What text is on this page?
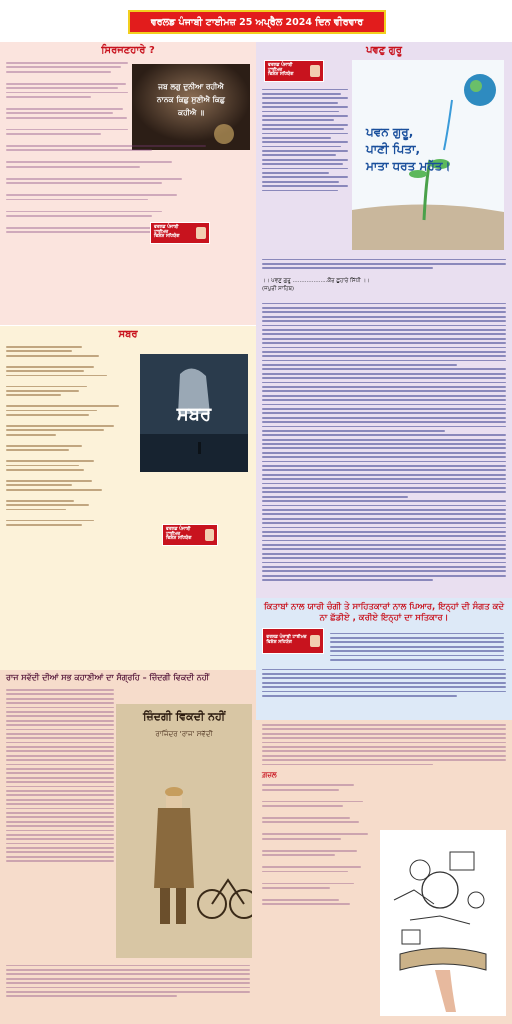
ਵਰਲਡ ਪੰਜਾਬੀ ਟਾਈਮਜ਼ 25 ਅਪ੍ਰੈਲ 2024 ਦਿਨ ਵੀਰਵਾਰ
ਸਿਰਜਣਹਾਰੇ ?
ਜਬ ਲਗੁ ਦੁਨੀਆ ਰਹੀਐ
ਨਾਨਕ ਕਿਛੁ ਸੁਣੀਐ ਕਿਛੁ
ਕਹੀਐ ॥
ਵਰਲਡ ਪੰਜਾਬੀ ਟਾਈਮਜ਼
ਵਿਸ਼ੇਸ਼ ਸਹਿਯੋਗ
ਪਵਣੁ ਗੁਰੂ
ਵਰਲਡ ਪੰਜਾਬੀ ਟਾਈਮਜ਼
ਵਿਸ਼ੇਸ਼ ਸਹਿਯੋਗ
ਪਵਨ ਗੁਰੂ,
ਪਾਣੀ ਪਿਤਾ,
ਮਾਤਾ ਧਰਤ ਮਹੱਤ।
।। ਪਵਣੁ ਗੁਰੂ ....................ਕੌਰ ਛੁਹਾਰੇ ਸਿੱਧੀ ।।
(ਜਪੁਰੀ ਸਾਹਿਬ)
ਸਬਰ
ਸਬਰ
ਵਰਲਡ ਪੰਜਾਬੀ ਟਾਈਮਜ਼
ਵਿਸ਼ੇਸ਼ ਸਹਿਯੋਗ
ਕਿਤਾਬਾਂ ਨਾਲ ਯਾਰੀ ਚੰਗੀ ਤੇ ਸਾਹਿਤਕਾਰਾਂ ਨਾਲ ਪਿਆਰ, ਇਨ੍ਹਾਂ ਦੀ ਸੰਗਤ ਕਦੇ ਨਾ ਛੱਡੀਏ , ਕਰੀਏ ਇਨ੍ਹਾਂ ਦਾ ਸਤਿਕਾਰ।
ਵਰਲਡ ਪੰਜਾਬੀ ਟਾਈਮਜ਼
ਵਿਸ਼ੇਸ਼ ਸਹਿਯੋਗ
ਗ਼ਜ਼ਲ
ਰਾਜ ਸਵੱਦੀ ਦੀਆਂ ਸਭ ਕਹਾਣੀਆਂ ਦਾ ਸੰਗ੍ਰਹਿ – ਜ਼ਿੰਦਗੀ ਵਿਕਦੀ ਨਹੀਂ
ਜ਼ਿੰਦਗੀ ਵਿਕਦੀ ਨਹੀਂ
ਰਾਜਿੰਦਰ 'ਰਾਜ' ਸਵੱਦੀ
